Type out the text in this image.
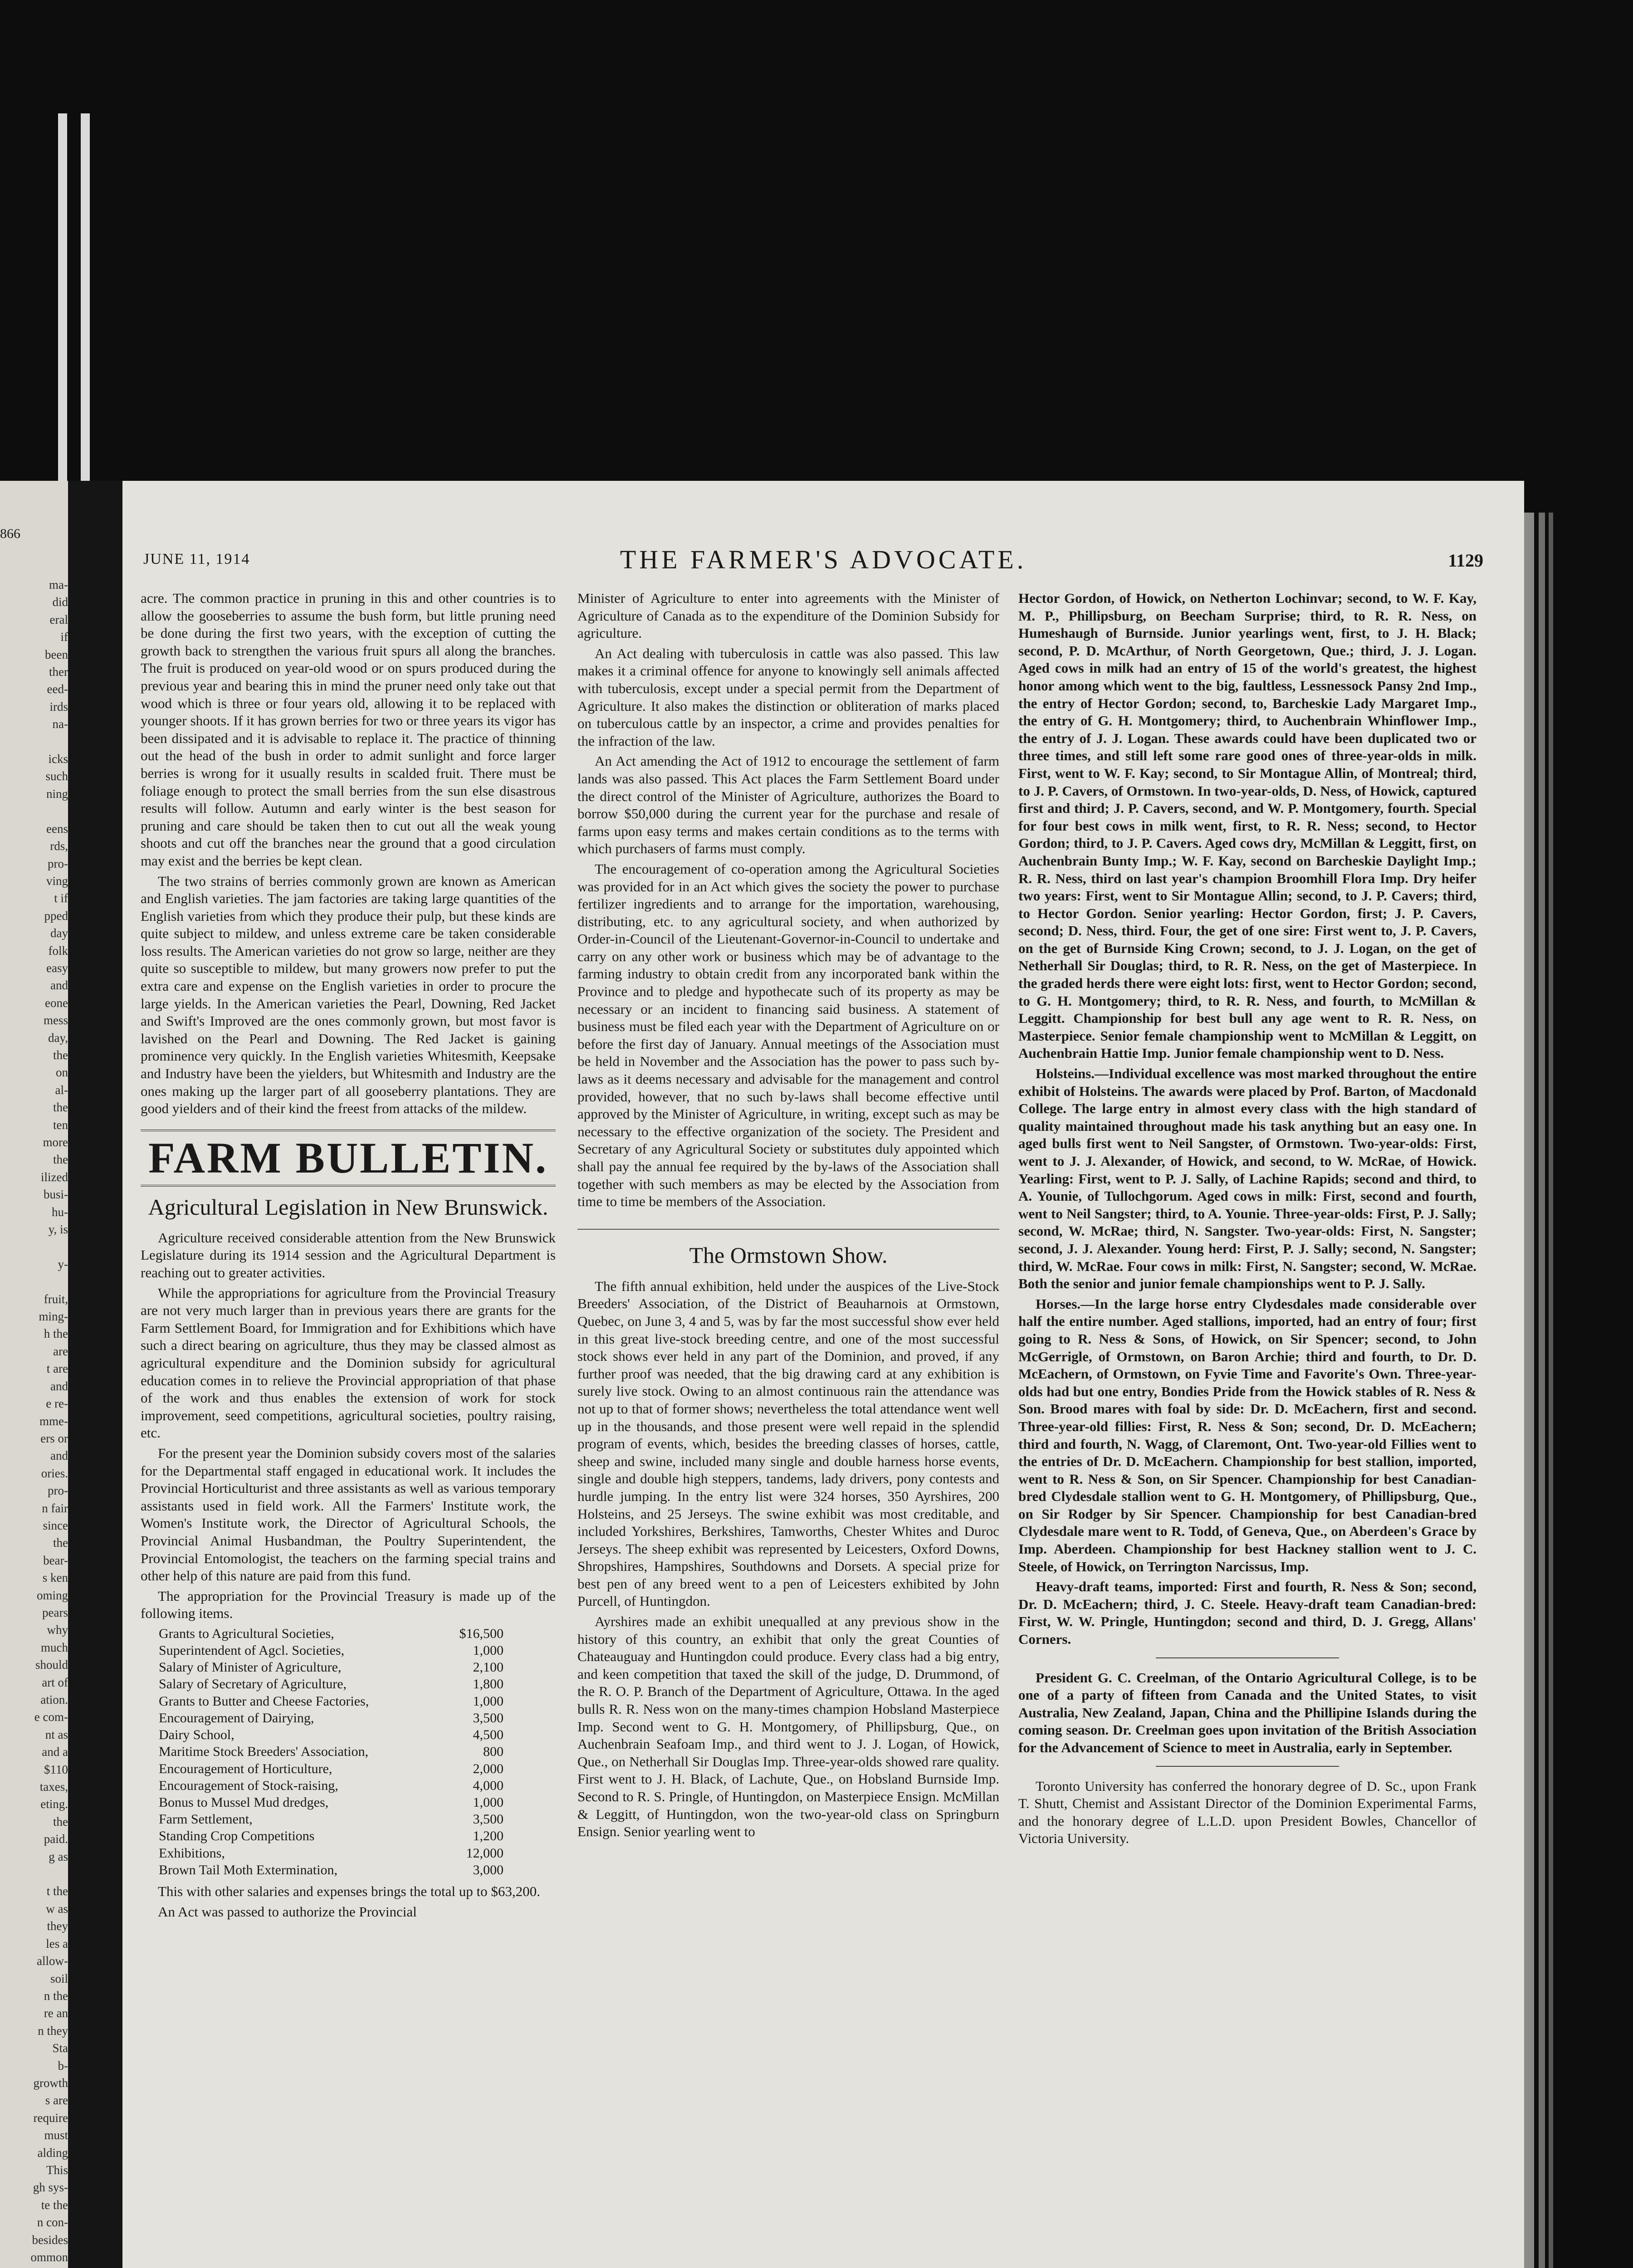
866
ma-
did
eral
if
been
ther
eed-
irds
na-

icks
such
ning

eens
rds,
pro-
ving
t if
pped
day
folk
easy
and
eone
mess
day,
the
on
al-
the
ten
more
the
ilized
busi-
hu-
y, is

y-

fruit,
ming-
h the
are
t are
and
e re-
mme-
ers or
and
ories.
pro-
n fair
since
the
bear-
s ken
oming
pears
why
much
should
art of
ation.
e com-
nt as
and a
$110
taxes,
eting.
the
paid.
g as

t the
w as
they
les a
allow-
soil
n the
re an
n they
Sta
b-
growth
s are
require
must
alding
This
gh sys-
te the
n con-
besides
ommon

JUNE 11, 1914	THE FARMER'S ADVOCATE.	1129

acre. The common practice in pruning in this and other countries is to allow the gooseberries to assume the bush form, but little pruning need be done during the first two years, with the exception of cutting the growth back to strengthen the various fruit spurs all along the branches. The fruit is produced on year-old wood or on spurs produced during the previous year and bearing this in mind the pruner need only take out that wood which is three or four years old, allowing it to be replaced with younger shoots. If it has grown berries for two or three years its vigor has been dissipated and it is advisable to replace it. The practice of thinning out the head of the bush in order to admit sunlight and force larger berries is wrong for it usually results in scalded fruit. There must be foliage enough to protect the small berries from the sun else disastrous results will follow. Autumn and early winter is the best season for pruning and care should be taken then to cut out all the weak young shoots and cut off the branches near the ground that a good circulation may exist and the berries be kept clean.

The two strains of berries commonly grown are known as American and English varieties. The jam factories are taking large quantities of the English varieties from which they produce their pulp, but these kinds are quite subject to mildew, and unless extreme care be taken considerable loss results. The American varieties do not grow so large, neither are they quite so susceptible to mildew, but many growers now prefer to put the extra care and expense on the English varieties in order to procure the large yields. In the American varieties the Pearl, Downing, Red Jacket and Swift's Improved are the ones commonly grown, but most favor is lavished on the Pearl and Downing. The Red Jacket is gaining prominence very quickly. In the English varieties Whitesmith, Keepsake and Industry have been the yielders, but Whitesmith and Industry are the ones making up the larger part of all gooseberry plantations. They are good yielders and of their kind the freest from attacks of the mildew.

FARM BULLETIN.
Agricultural Legislation in New Brunswick.

Agriculture received considerable attention from the New Brunswick Legislature during its 1914 session and the Agricultural Department is reaching out to greater activities.

While the appropriations for agriculture from the Provincial Treasury are not very much larger than in previous years there are grants for the Farm Settlement Board, for Immigration and for Exhibitions which have such a direct bearing on agriculture, thus they may be classed almost as agricultural expenditure and the Dominion subsidy for agricultural education comes in to relieve the Provincial appropriation of that phase of the work and thus enables the extension of work for stock improvement, seed competitions, agricultural societies, poultry raising, etc.

For the present year the Dominion subsidy covers most of the salaries for the Departmental staff engaged in educational work. It includes the Provincial Horticulturist and three assistants as well as various temporary assistants used in field work. All the Farmers' Institute work, the Women's Institute work, the Director of Agricultural Schools, the Provincial Animal Husbandman, the Poultry Superintendent, the Provincial Entomologist, the teachers on the farming special trains and other help of this nature are paid from this fund.

The appropriation for the Provincial Treasury is made up of the following items.

Grants to Agricultural Societies,	$16,500
Superintendent of Agcl. Societies,	1,000
Salary of Minister of Agriculture,	2,100
Salary of Secretary of Agriculture,	1,800
Grants to Butter and Cheese Factories,	1,000
Encouragement of Dairying,	3,500
Dairy School,	4,500
Maritime Stock Breeders' Association,	800
Encouragement of Horticulture,	2,000
Encouragement of Stock-raising,	4,000
Bonus to Mussel Mud dredges,	1,000
Farm Settlement,	3,500
Standing Crop Competitions	1,200
Exhibitions,	12,000
Brown Tail Moth Extermination,	3,000

This with other salaries and expenses brings the total up to $63,200.

An Act was passed to authorize the Provincial

Minister of Agriculture to enter into agreements with the Minister of Agriculture of Canada as to the expenditure of the Dominion Subsidy for agriculture.

An Act dealing with tuberculosis in cattle was also passed. This law makes it a criminal offence for anyone to knowingly sell animals affected with tuberculosis, except under a special permit from the Department of Agriculture. It also makes the distinction or obliteration of marks placed on tuberculous cattle by an inspector, a crime and provides penalties for the infraction of the law.

An Act amending the Act of 1912 to encourage the settlement of farm lands was also passed. This Act places the Farm Settlement Board under the direct control of the Minister of Agriculture, authorizes the Board to borrow $50,000 during the current year for the purchase and resale of farms upon easy terms and makes certain conditions as to the terms with which purchasers of farms must comply.

The encouragement of co-operation among the Agricultural Societies was provided for in an Act which gives the society the power to purchase fertilizer ingredients and to arrange for the importation, warehousing, distributing, etc. to any agricultural society, and when authorized by Order-in-Council of the Lieutenant-Governor-in-Council to undertake and carry on any other work or business which may be of advantage to the farming industry to obtain credit from any incorporated bank within the Province and to pledge and hypothecate such of its property as may be necessary or an incident to financing said business. A statement of business must be filed each year with the Department of Agriculture on or before the first day of January. Annual meetings of the Association must be held in November and the Association has the power to pass such by-laws as it deems necessary and advisable for the management and control provided, however, that no such by-laws shall become effective until approved by the Minister of Agriculture, in writing, except such as may be necessary to the effective organization of the society. The President and Secretary of any Agricultural Society or substitutes duly appointed which shall pay the annual fee required by the by-laws of the Association shall together with such members as may be elected by the Association from time to time be members of the Association.

The Ormstown Show.

The fifth annual exhibition, held under the auspices of the Live-Stock Breeders' Association, of the District of Beauharnois at Ormstown, Quebec, on June 3, 4 and 5, was by far the most successful show ever held in this great live-stock breeding centre, and one of the most successful stock shows ever held in any part of the Dominion, and proved, if any further proof was needed, that the big drawing card at any exhibition is surely live stock. Owing to an almost continuous rain the attendance was not up to that of former shows; nevertheless the total attendance went well up in the thousands, and those present were well repaid in the splendid program of events, which, besides the breeding classes of horses, cattle, sheep and swine, included many single and double harness horse events, single and double high steppers, tandems, lady drivers, pony contests and hurdle jumping. In the entry list were 324 horses, 350 Ayrshires, 200 Holsteins, and 25 Jerseys. The swine exhibit was most creditable, and included Yorkshires, Berkshires, Tamworths, Chester Whites and Duroc Jerseys. The sheep exhibit was represented by Leicesters, Oxford Downs, Shropshires, Hampshires, Southdowns and Dorsets. A special prize for best pen of any breed went to a pen of Leicesters exhibited by John Purcell, of Huntingdon.

Ayrshires made an exhibit unequalled at any previous show in the history of this country, an exhibit that only the great Counties of Chateauguay and Huntingdon could produce. Every class had a big entry, and keen competition that taxed the skill of the judge, D. Drummond, of the R. O. P. Branch of the Department of Agriculture, Ottawa. In the aged bulls R. R. Ness won on the many-times champion Hobsland Masterpiece Imp. Second went to G. H. Montgomery, of Phillipsburg, Que., on Auchenbrain Seafoam Imp., and third went to J. J. Logan, of Howick, Que., on Netherhall Sir Douglas Imp. Three-year-olds showed rare quality. First went to J. H. Black, of Lachute, Que., on Hobsland Burnside Imp. Second to R. S. Pringle, of Huntingdon, on Masterpiece Ensign. McMillan & Leggitt, of Huntingdon, won the two-year-old class on Springburn Ensign. Senior yearling went to

Hector Gordon, of Howick, on Netherton Lochinvar; second, to W. F. Kay, M. P., Phillipsburg, on Beecham Surprise; third, to R. R. Ness, on Humeshaugh of Burnside. Junior yearlings went, first, to J. H. Black; second, P. D. McArthur, of North Georgetown, Que.; third, J. J. Logan. Aged cows in milk had an entry of 15 of the world's greatest, the highest honor among which went to the big, faultless, Lessnessock Pansy 2nd Imp., the entry of Hector Gordon; second, to, Barcheskie Lady Margaret Imp., the entry of G. H. Montgomery; third, to Auchenbrain Whinflower Imp., the entry of J. J. Logan. These awards could have been duplicated two or three times, and still left some rare good ones of three-year-olds in milk. First, went to W. F. Kay; second, to Sir Montague Allin, of Montreal; third, to J. P. Cavers, of Ormstown. In two-year-olds, D. Ness, of Howick, captured first and third; J. P. Cavers, second, and W. P. Montgomery, fourth. Special for four best cows in milk went, first, to R. R. Ness; second, to Hector Gordon; third, to J. P. Cavers. Aged cows dry, McMillan & Leggitt, first, on Auchenbrain Bunty Imp.; W. F. Kay, second on Barcheskie Daylight Imp.; R. R. Ness, third on last year's champion Broomhill Flora Imp. Dry heifer two years: First, went to Sir Montague Allin; second, to J. P. Cavers; third, to Hector Gordon. Senior yearling: Hector Gordon, first; J. P. Cavers, second; D. Ness, third. Four, the get of one sire: First went to, J. P. Cavers, on the get of Burnside King Crown; second, to J. J. Logan, on the get of Netherhall Sir Douglas; third, to R. R. Ness, on the get of Masterpiece. In the graded herds there were eight lots: first, went to Hector Gordon; second, to G. H. Montgomery; third, to R. R. Ness, and fourth, to McMillan & Leggitt. Championship for best bull any age went to R. R. Ness, on Masterpiece. Senior female championship went to McMillan & Leggitt, on Auchenbrain Hattie Imp. Junior female championship went to D. Ness.

Holsteins.—Individual excellence was most marked throughout the entire exhibit of Holsteins. The awards were placed by Prof. Barton, of Macdonald College. The large entry in almost every class with the high standard of quality maintained throughout made his task anything but an easy one. In aged bulls first went to Neil Sangster, of Ormstown. Two-year-olds: First, went to J. J. Alexander, of Howick, and second, to W. McRae, of Howick. Yearling: First, went to P. J. Sally, of Lachine Rapids; second and third, to A. Younie, of Tullochgorum. Aged cows in milk: First, second and fourth, went to Neil Sangster; third, to A. Younie. Three-year-olds: First, P. J. Sally; second, W. McRae; third, N. Sangster. Two-year-olds: First, N. Sangster; second, J. J. Alexander. Young herd: First, P. J. Sally; second, N. Sangster; third, W. McRae. Four cows in milk: First, N. Sangster; second, W. McRae. Both the senior and junior female championships went to P. J. Sally.

Horses.—In the large horse entry Clydesdales made considerable over half the entire number. Aged stallions, imported, had an entry of four; first going to R. Ness & Sons, of Howick, on Sir Spencer; second, to John McGerrigle, of Ormstown, on Baron Archie; third and fourth, to Dr. D. McEachern, of Ormstown, on Fyvie Time and Favorite's Own. Three-year-olds had but one entry, Bondies Pride from the Howick stables of R. Ness & Son. Brood mares with foal by side: Dr. D. McEachern, first and second. Three-year-old fillies: First, R. Ness & Son; second, Dr. D. McEachern; third and fourth, N. Wagg, of Claremont, Ont. Two-year-old Fillies went to the entries of Dr. D. McEachern. Championship for best stallion, imported, went to R. Ness & Son, on Sir Spencer. Championship for best Canadian-bred Clydesdale stallion went to G. H. Montgomery, of Phillipsburg, Que., on Sir Rodger by Sir Spencer. Championship for best Canadian-bred Clydesdale mare went to R. Todd, of Geneva, Que., on Aberdeen's Grace by Imp. Aberdeen. Championship for best Hackney stallion went to J. C. Steele, of Howick, on Terrington Narcissus, Imp.

Heavy-draft teams, imported: First and fourth, R. Ness & Son; second, Dr. D. McEachern; third, J. C. Steele. Heavy-draft team Canadian-bred: First, W. W. Pringle, Huntingdon; second and third, D. J. Gregg, Allans' Corners.

President G. C. Creelman, of the Ontario Agricultural College, is to be one of a party of fifteen from Canada and the United States, to visit Australia, New Zealand, Japan, China and the Phillipine Islands during the coming season. Dr. Creelman goes upon invitation of the British Association for the Advancement of Science to meet in Australia, early in September.

Toronto University has conferred the honorary degree of D. Sc., upon Frank T. Shutt, Chemist and Assistant Director of the Dominion Experimental Farms, and the honorary degree of L.L.D. upon President Bowles, Chancellor of Victoria University.
